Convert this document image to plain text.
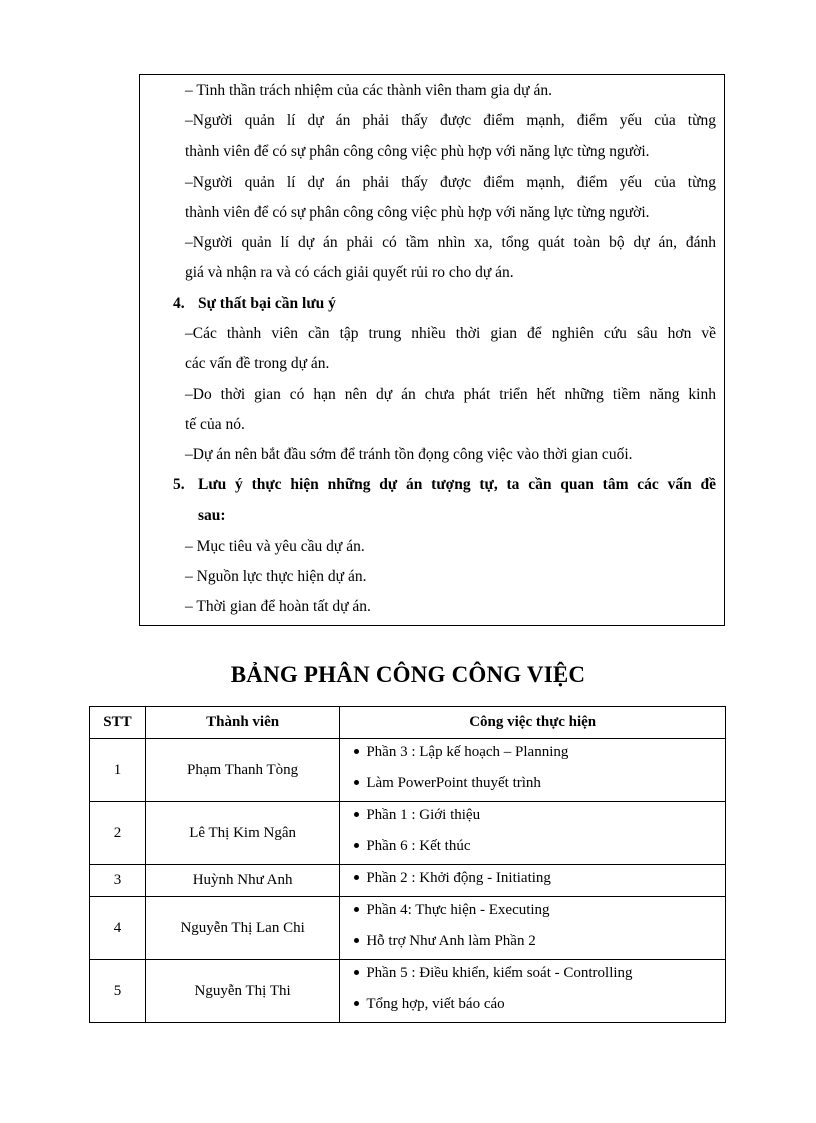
– Tinh thần trách nhiệm của các thành viên tham gia dự án.
–Người quản lí dự án phải thấy được điểm mạnh, điểm yếu của từng
thành viên để có sự phân công công việc phù hợp với năng lực từng người.
–Người quản lí dự án phải thấy được điểm mạnh, điểm yếu của từng
thành viên để có sự phân công công việc phù hợp với năng lực từng người.
–Người quản lí dự án phải có tầm nhìn xa, tổng quát toàn bộ dự án, đánh
giá và nhận ra và có cách giải quyết rủi ro cho dự án.
4. Sự thất bại cần lưu ý
–Các thành viên cần tập trung nhiều thời gian để nghiên cứu sâu hơn về
các vấn đề trong dự án.
–Do thời gian có hạn nên dự án chưa phát triển hết những tiềm năng kinh
tế của nó.
–Dự án nên bắt đầu sớm để tránh tồn đọng công việc vào thời gian cuối.
5. Lưu ý thực hiện những dự án tượng tự, ta cần quan tâm các vấn đề
sau:
– Mục tiêu và yêu cầu dự án.
– Nguồn lực thực hiện dự án.
– Thời gian để hoàn tất dự án.
BẢNG PHÂN CÔNG CÔNG VIỆC
STT	Thành viên	Công việc thực hiện
1	Phạm Thanh Tòng	Phần 3 : Lập kế hoạch – Planning
Làm PowerPoint thuyết trình

2	Lê Thị Kim Ngân	Phần 1 : Giới thiệu
Phần 6 : Kết thúc

3	Huỳnh Như Anh	Phần 2 : Khởi động - Initiating

4	Nguyễn Thị Lan Chi	Phần 4: Thực hiện - Executing
Hỗ trợ Như Anh làm Phần 2

5	Nguyễn Thị Thi	Phần 5 : Điều khiển, kiểm soát - Controlling
Tổng hợp, viết báo cáo
